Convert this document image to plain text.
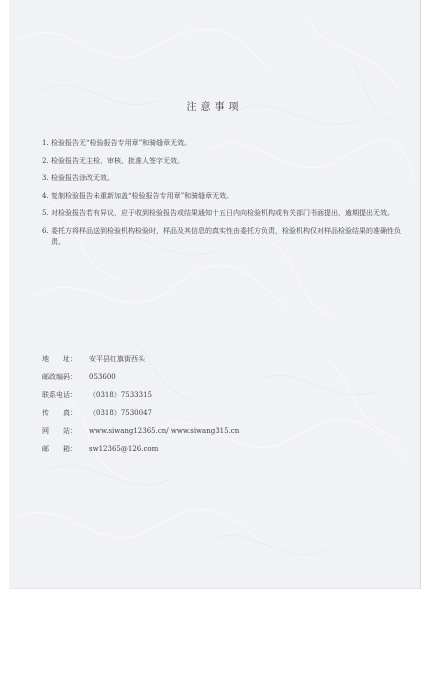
注意事项
1. 检验报告无“检验报告专用章”和骑缝章无效。
2. 检验报告无主检、审核、批准人签字无效。
3. 检验报告涂改无效。
4. 复制检验报告未重新加盖“检验报告专用章”和骑缝章无效。
5. 对检验报告若有异议，应于收到检验报告或结果通知十五日内向检验机构或有关部门书面提出，逾期提出无效。
6. 委托方将样品送到检验机构检验时，样品及其信息的真实性由委托方负责，检验机构仅对样品检验结果的准确性负责。
地　　址：	安平县红旗街西头
邮政编码：	053600
联系电话：	（0318）7533315
传　　真：	（0318）7530047
网　　站：	www.siwang12365.cn/ www.siwang315.cn
邮　　箱：	sw12365@126.com
